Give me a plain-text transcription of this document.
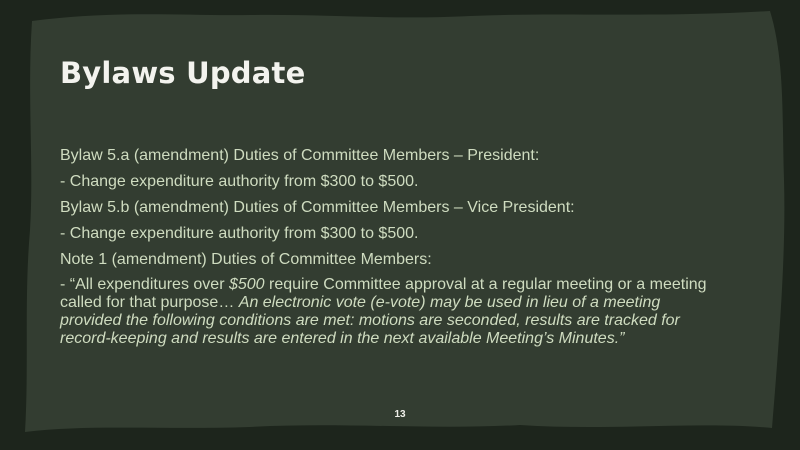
Bylaws Update

Bylaw 5.a (amendment) Duties of Committee Members – President:

- Change expenditure authority from $300 to $500.

Bylaw 5.b (amendment) Duties of Committee Members – Vice President:

- Change expenditure authority from $300 to $500.

Note 1 (amendment) Duties of Committee Members:

- “All expenditures over $500 require Committee approval at a regular meeting or a meeting called for that purpose… An electronic vote (e-vote) may be used in lieu of a meeting provided the following conditions are met: motions are seconded, results are tracked for record-keeping and results are entered in the next available Meeting’s Minutes.”

13
